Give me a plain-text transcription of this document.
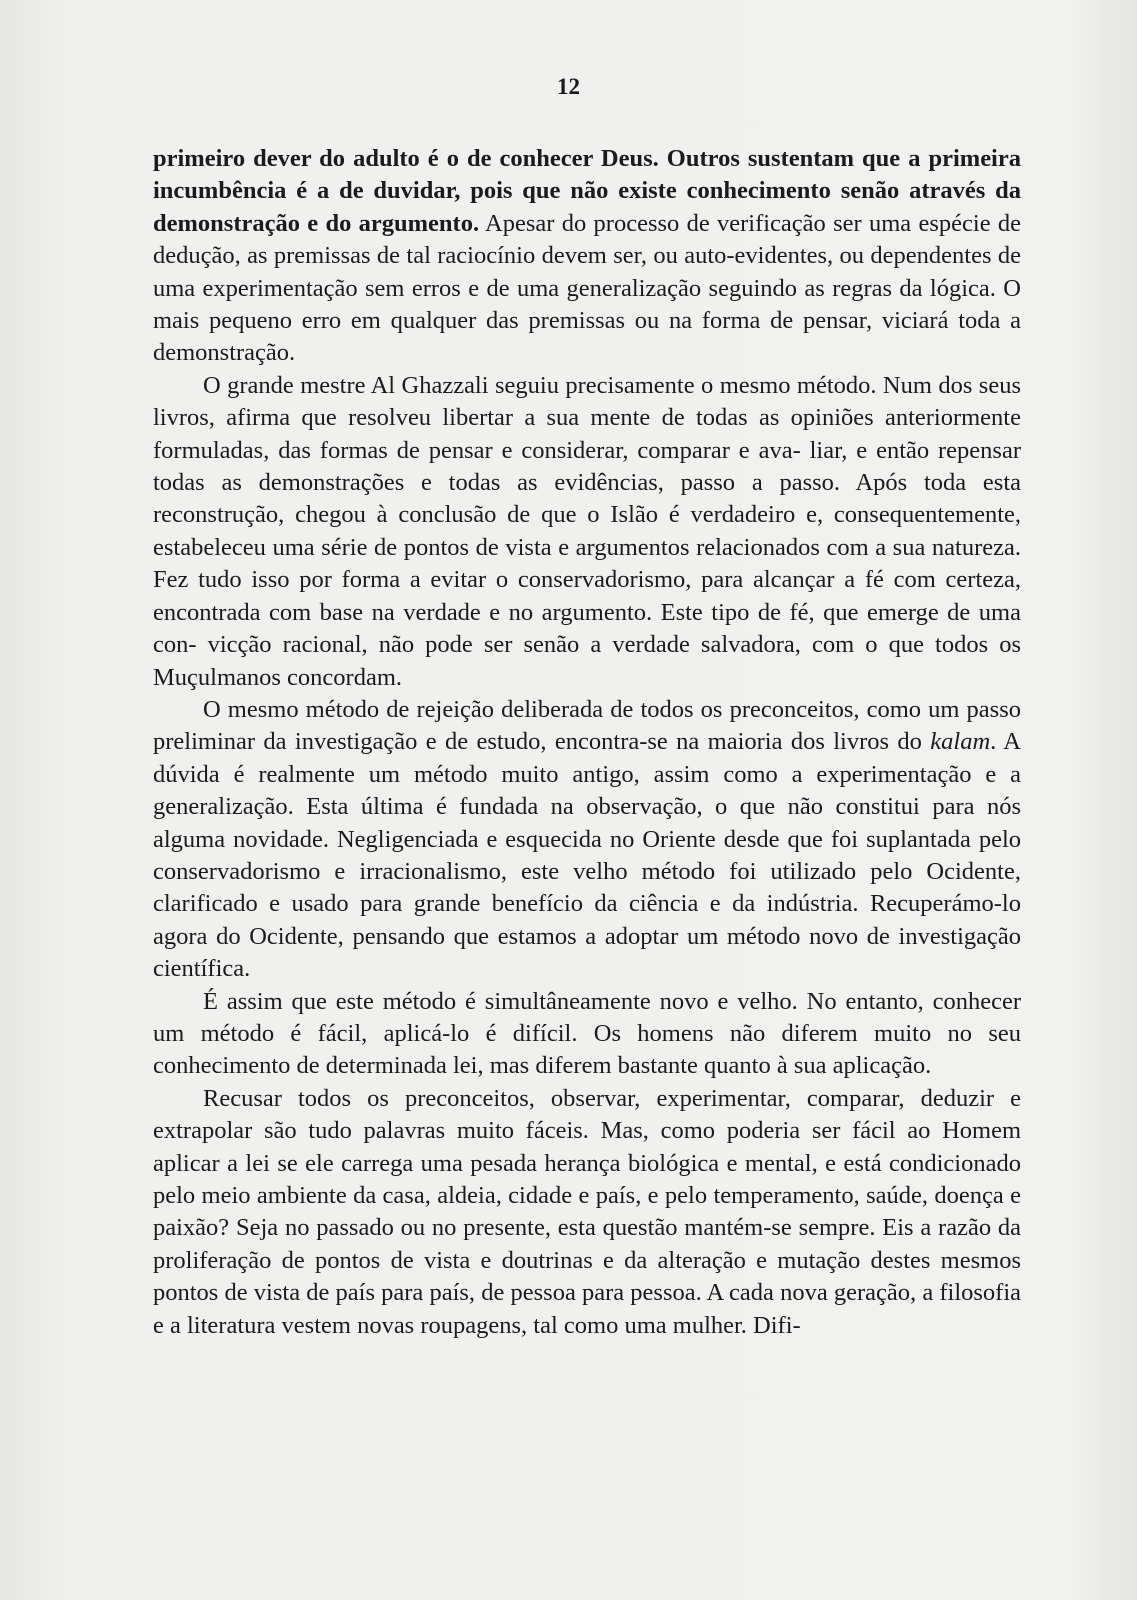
12

primeiro dever do adulto é o de conhecer Deus. Outros sustentam que a primeira incumbência é a de duvidar, pois que não existe conhecimento senão através da demonstração e do argumento. Apesar do processo de verificação ser uma espécie de dedução, as premissas de tal raciocínio devem ser, ou auto-evidentes, ou dependentes de uma experimentação sem erros e de uma generalização seguindo as regras da lógica. O mais pequeno erro em qualquer das premissas ou na forma de pensar, viciará toda a demonstração.

O grande mestre Al Ghazzali seguiu precisamente o mesmo método. Num dos seus livros, afirma que resolveu libertar a sua mente de todas as opiniões anteriormente formuladas, das formas de pensar e considerar, comparar e ava- liar, e então repensar todas as demonstrações e todas as evidências, passo a passo. Após toda esta reconstrução, chegou à conclusão de que o Islão é verdadeiro e, consequentemente, estabeleceu uma série de pontos de vista e argumentos relacionados com a sua natureza. Fez tudo isso por forma a evitar o conservadorismo, para alcançar a fé com certeza, encontrada com base na verdade e no argumento. Este tipo de fé, que emerge de uma con- vicção racional, não pode ser senão a verdade salvadora, com o que todos os Muçulmanos concordam.

O mesmo método de rejeição deliberada de todos os preconceitos, como um passo preliminar da investigação e de estudo, encontra-se na maioria dos livros do kalam. A dúvida é realmente um método muito antigo, assim como a experimentação e a generalização. Esta última é fundada na observação, o que não constitui para nós alguma novidade. Negligenciada e esquecida no Oriente desde que foi suplantada pelo conservadorismo e irracionalismo, este velho método foi utilizado pelo Ocidente, clarificado e usado para grande benefício da ciência e da indústria. Recuperámo-lo agora do Ocidente, pensando que estamos a adoptar um método novo de investigação científica.

É assim que este método é simultâneamente novo e velho. No entanto, conhecer um método é fácil, aplicá-lo é difícil. Os homens não diferem muito no seu conhecimento de determinada lei, mas diferem bastante quanto à sua aplicação.

Recusar todos os preconceitos, observar, experimentar, comparar, deduzir e extrapolar são tudo palavras muito fáceis. Mas, como poderia ser fácil ao Homem aplicar a lei se ele carrega uma pesada herança biológica e mental, e está condicionado pelo meio ambiente da casa, aldeia, cidade e país, e pelo temperamento, saúde, doença e paixão? Seja no passado ou no presente, esta questão mantém-se sempre. Eis a razão da proliferação de pontos de vista e doutrinas e da alteração e mutação destes mesmos pontos de vista de país para país, de pessoa para pessoa. A cada nova geração, a filosofia e a literatura vestem novas roupagens, tal como uma mulher. Difi-
